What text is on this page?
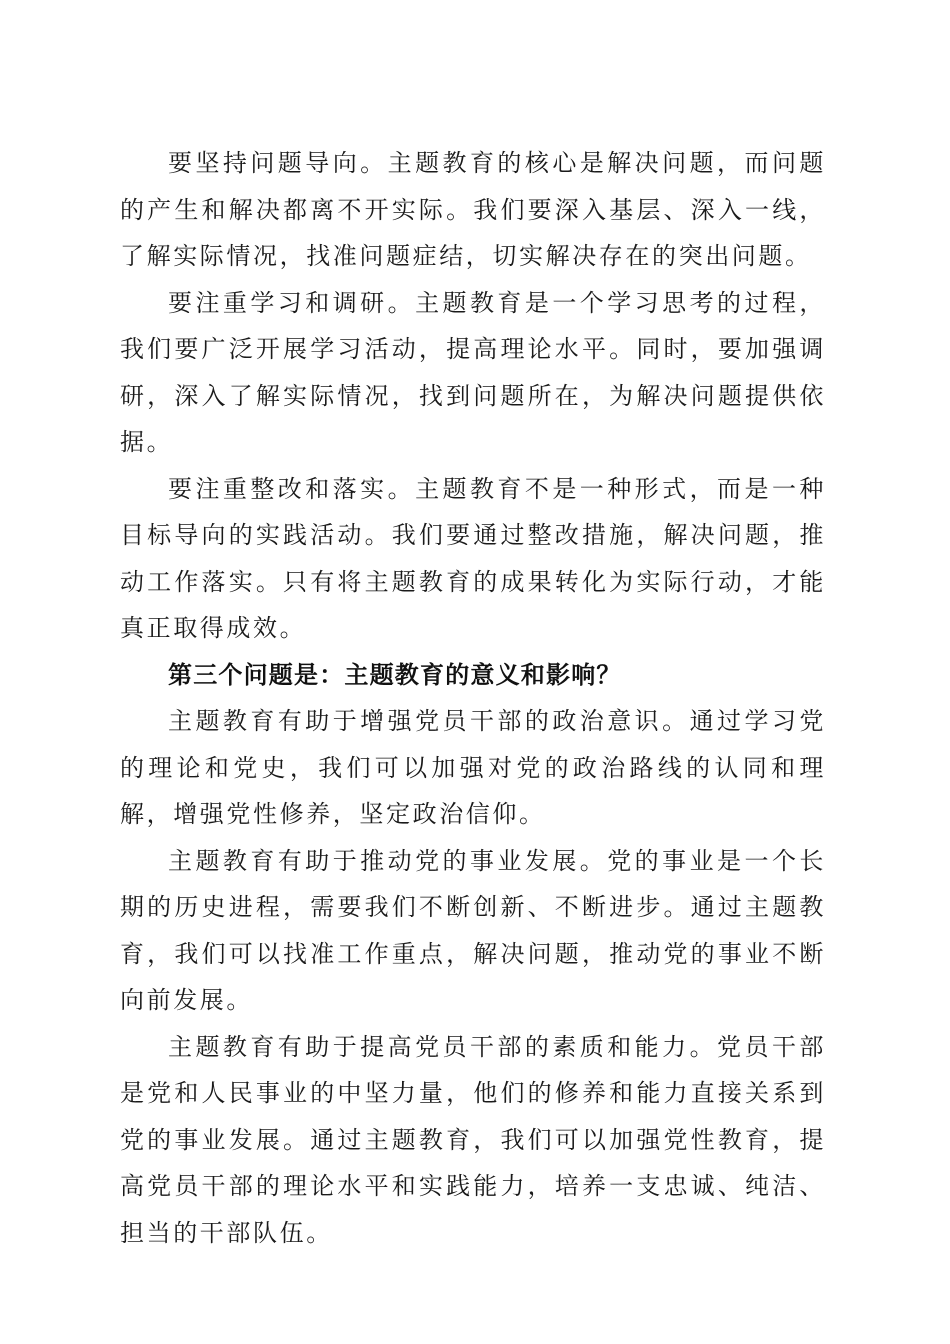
要坚持问题导向。主题教育的核心是解决问题，而问题的产生和解决都离不开实际。我们要深入基层、深入一线，了解实际情况，找准问题症结，切实解决存在的突出问题。

要注重学习和调研。主题教育是一个学习思考的过程，我们要广泛开展学习活动，提高理论水平。同时，要加强调研，深入了解实际情况，找到问题所在，为解决问题提供依据。

要注重整改和落实。主题教育不是一种形式，而是一种目标导向的实践活动。我们要通过整改措施，解决问题，推动工作落实。只有将主题教育的成果转化为实际行动，才能真正取得成效。

第三个问题是：主题教育的意义和影响？

主题教育有助于增强党员干部的政治意识。通过学习党的理论和党史，我们可以加强对党的政治路线的认同和理解，增强党性修养，坚定政治信仰。

主题教育有助于推动党的事业发展。党的事业是一个长期的历史进程，需要我们不断创新、不断进步。通过主题教育，我们可以找准工作重点，解决问题，推动党的事业不断向前发展。

主题教育有助于提高党员干部的素质和能力。党员干部是党和人民事业的中坚力量，他们的修养和能力直接关系到党的事业发展。通过主题教育，我们可以加强党性教育，提高党员干部的理论水平和实践能力，培养一支忠诚、纯洁、担当的干部队伍。
